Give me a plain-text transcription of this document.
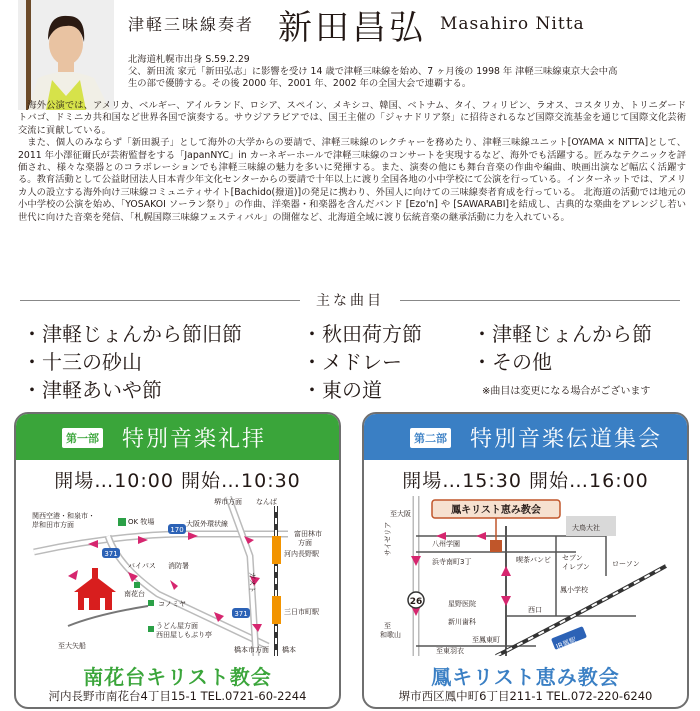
津軽三味線奏者 新田昌弘 Masahiro Nitta
北海道札幌市出身 S.59.2.29
父、新田流 家元「新田弘志」に影響を受け 14 歳で津軽三味線を始め、7 ヶ月後の 1998 年 津軽三味線東京大会中高
生の部で優勝する。その後 2000 年、2001 年、2002 年の全国大会で連覇する。

海外公演では、アメリカ、ベルギー、アイルランド、ロシア、スペイン、メキシコ、韓国、ベトナム、タイ、フィリピン、ラオス、コスタリカ、トリニダードトバゴ、ドミニカ共和国など世界各国で演奏する。サウジアラビアでは、国王主催の「ジャナドリア祭」に招待されるなど国際交流基金を通じて国際文化芸術交流に貢献している。

また、個人のみならず「新田親子」として海外の大学からの要請で、津軽三味線のレクチャーを務めたり、津軽三味線ユニット[OYAMA × NITTA]として、2011 年小澤征爾氏が芸術監督をする「JapanNYC」in カーネギーホールで津軽三味線のコンサートを実現するなど、海外でも活躍する。匠みなテクニックを評価され、様々な楽器とのコラボレーションでも津軽三味線の魅力を多いに発揮する。また、演奏の他にも舞台音楽の作曲や編曲、映画出演など幅広く活躍する。教育活動として公益財団法人日本青少年文化センターからの要請で十年以上に渡り全国各地の小中学校にて公演を行っている。インターネットでは、アメリカ人の設立する海外向け三味線コミュニティサイト[Bachido(撥道)]の発足に携わり、外国人に向けての三味線奏者育成を行っている。 北海道の活動では地元の小中学校の公演を始め、「YOSAKOI ソーラン祭り」の作曲、洋楽器・和楽器を含んだバンド [Ezo'n] や [SAWARABI]を結成し、古典的な楽曲をアレンジし若い世代に向けた音楽を発信、「札幌国際三味線フェスティバル」の開催など、北海道全域に渡り伝統音楽の継承活動に力を入れている。

主な曲目
・津軽じょんから節旧節
・十三の砂山
・津軽あいや節
・秋田荷方節
・メドレー
・東の道
・津軽じょんから節
・その他
※曲目は変更になる場合がございます
第一部 特別音楽礼拝
開場…10:00 開始…10:30
170
371
371
OK 牧場
関西空港・和泉市・
岸和田市方面	大阪外環状線
バイパス 消防署
南花台
コノミヤ
うどん屋方面
西田屋しもぶり亭
至大矢船
堺市方面 なんば
富田林市
方面
河内長野駅
三日市町駅
ガスト
橋本市方面 橋本
南花台キリスト教会
河内長野市南花台4丁目15-1 TEL.0721-60-2244
第二部 特別音楽伝道集会
開場…15:30 開始…16:00
鳳キリスト恵み教会
26
JR鳳駅
至大阪
八州学園
サイゼリア
浜寺南町3丁	喫茶バンビ セブン
イレブン
大鳥大社
ローソン
星野医院
鳳小学校
新川歯科
西口
至
和歌山
至鳳東町
至東羽衣
鳳キリスト恵み教会
堺市西区鳳中町6丁目211-1 TEL.072-220-6240
